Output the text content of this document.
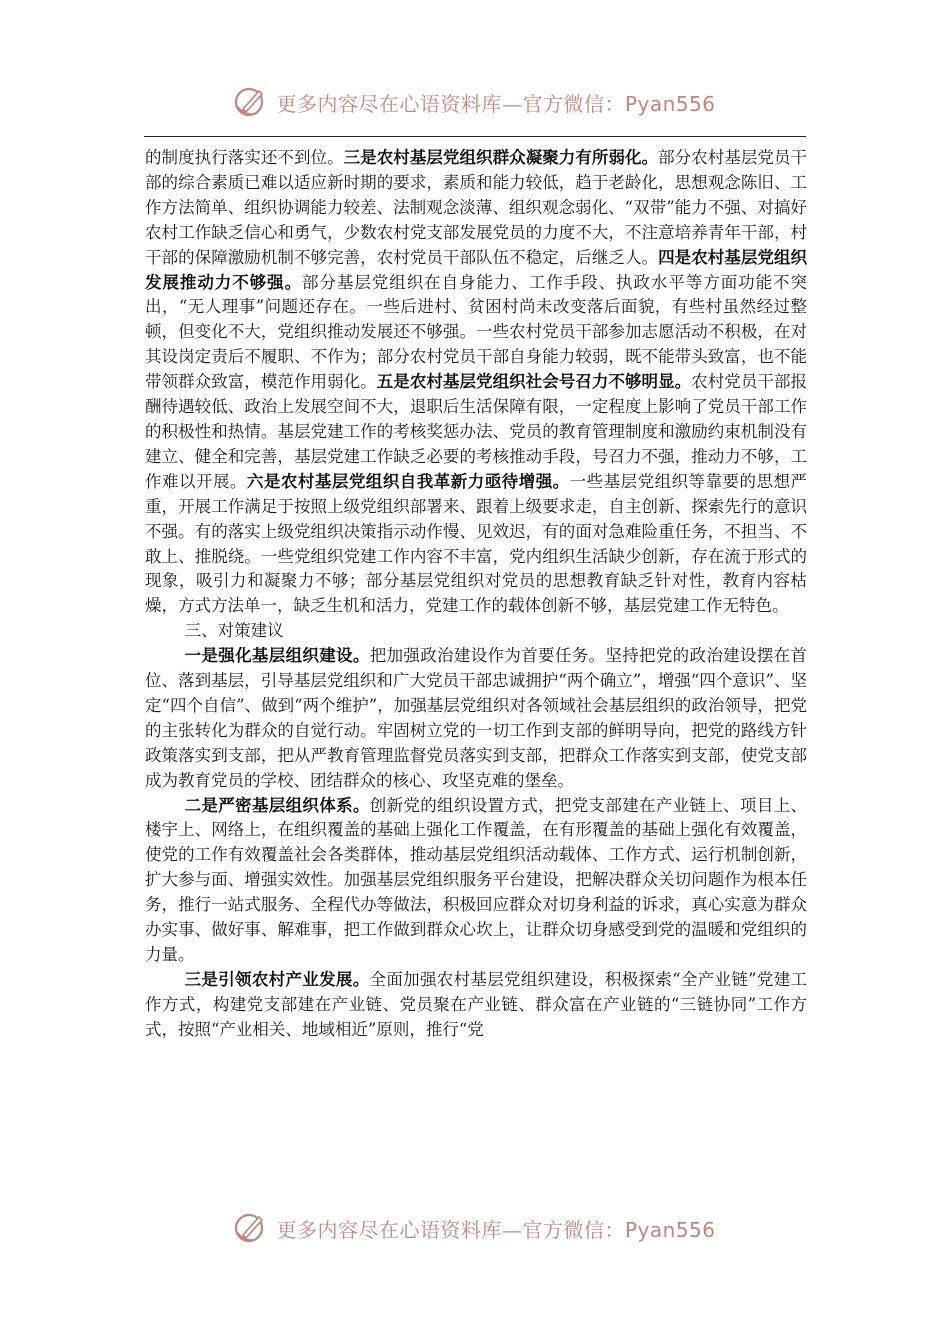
更多内容尽在心语资料库—官方微信：Pyan556

的制度执行落实还不到位。三是农村基层党组织群众凝聚力有所弱化。部分农村基层党员干部的综合素质已难以适应新时期的要求，素质和能力较低，趋于老龄化，思想观念陈旧、工作方法简单、组织协调能力较差、法制观念淡薄、组织观念弱化、“双带”能力不强、对搞好农村工作缺乏信心和勇气，少数农村党支部发展党员的力度不大，不注意培养青年干部，村干部的保障激励机制不够完善，农村党员干部队伍不稳定，后继乏人。四是农村基层党组织发展推动力不够强。部分基层党组织在自身能力、工作手段、执政水平等方面功能不突出，“无人理事”问题还存在。一些后进村、贫困村尚未改变落后面貌，有些村虽然经过整顿，但变化不大，党组织推动发展还不够强。一些农村党员干部参加志愿活动不积极，在对其设岗定责后不履职、不作为；部分农村党员干部自身能力较弱，既不能带头致富，也不能带领群众致富，模范作用弱化。五是农村基层党组织社会号召力不够明显。农村党员干部报酬待遇较低、政治上发展空间不大，退职后生活保障有限，一定程度上影响了党员干部工作的积极性和热情。基层党建工作的考核奖惩办法、党员的教育管理制度和激励约束机制没有建立、健全和完善，基层党建工作缺乏必要的考核推动手段，号召力不强，推动力不够，工作难以开展。六是农村基层党组织自我革新力亟待增强。一些基层党组织等靠要的思想严重，开展工作满足于按照上级党组织部署来、跟着上级要求走，自主创新、探索先行的意识不强。有的落实上级党组织决策指示动作慢、见效迟，有的面对急难险重任务，不担当、不敢上、推脱绕。一些党组织党建工作内容不丰富，党内组织生活缺少创新，存在流于形式的现象，吸引力和凝聚力不够；部分基层党组织对党员的思想教育缺乏针对性，教育内容枯燥，方式方法单一，缺乏生机和活力，党建工作的载体创新不够，基层党建工作无特色。

三、对策建议

一是强化基层组织建设。把加强政治建设作为首要任务。坚持把党的政治建设摆在首位、落到基层，引导基层党组织和广大党员干部忠诚拥护“两个确立”，增强“四个意识”、坚定“四个自信”、做到“两个维护”，加强基层党组织对各领域社会基层组织的政治领导，把党的主张转化为群众的自觉行动。牢固树立党的一切工作到支部的鲜明导向，把党的路线方针政策落实到支部，把从严教育管理监督党员落实到支部，把群众工作落实到支部，使党支部成为教育党员的学校、团结群众的核心、攻坚克难的堡垒。

二是严密基层组织体系。创新党的组织设置方式，把党支部建在产业链上、项目上、楼宇上、网络上，在组织覆盖的基础上强化工作覆盖，在有形覆盖的基础上强化有效覆盖，使党的工作有效覆盖社会各类群体，推动基层党组织活动载体、工作方式、运行机制创新，扩大参与面、增强实效性。加强基层党组织服务平台建设，把解决群众关切问题作为根本任务，推行一站式服务、全程代办等做法，积极回应群众对切身利益的诉求，真心实意为群众办实事、做好事、解难事，把工作做到群众心坎上，让群众切身感受到党的温暖和党组织的力量。

三是引领农村产业发展。全面加强农村基层党组织建设，积极探索“全产业链”党建工作方式，构建党支部建在产业链、党员聚在产业链、群众富在产业链的“三链协同”工作方式，按照“产业相关、地域相近”原则，推行“党

更多内容尽在心语资料库—官方微信：Pyan556
